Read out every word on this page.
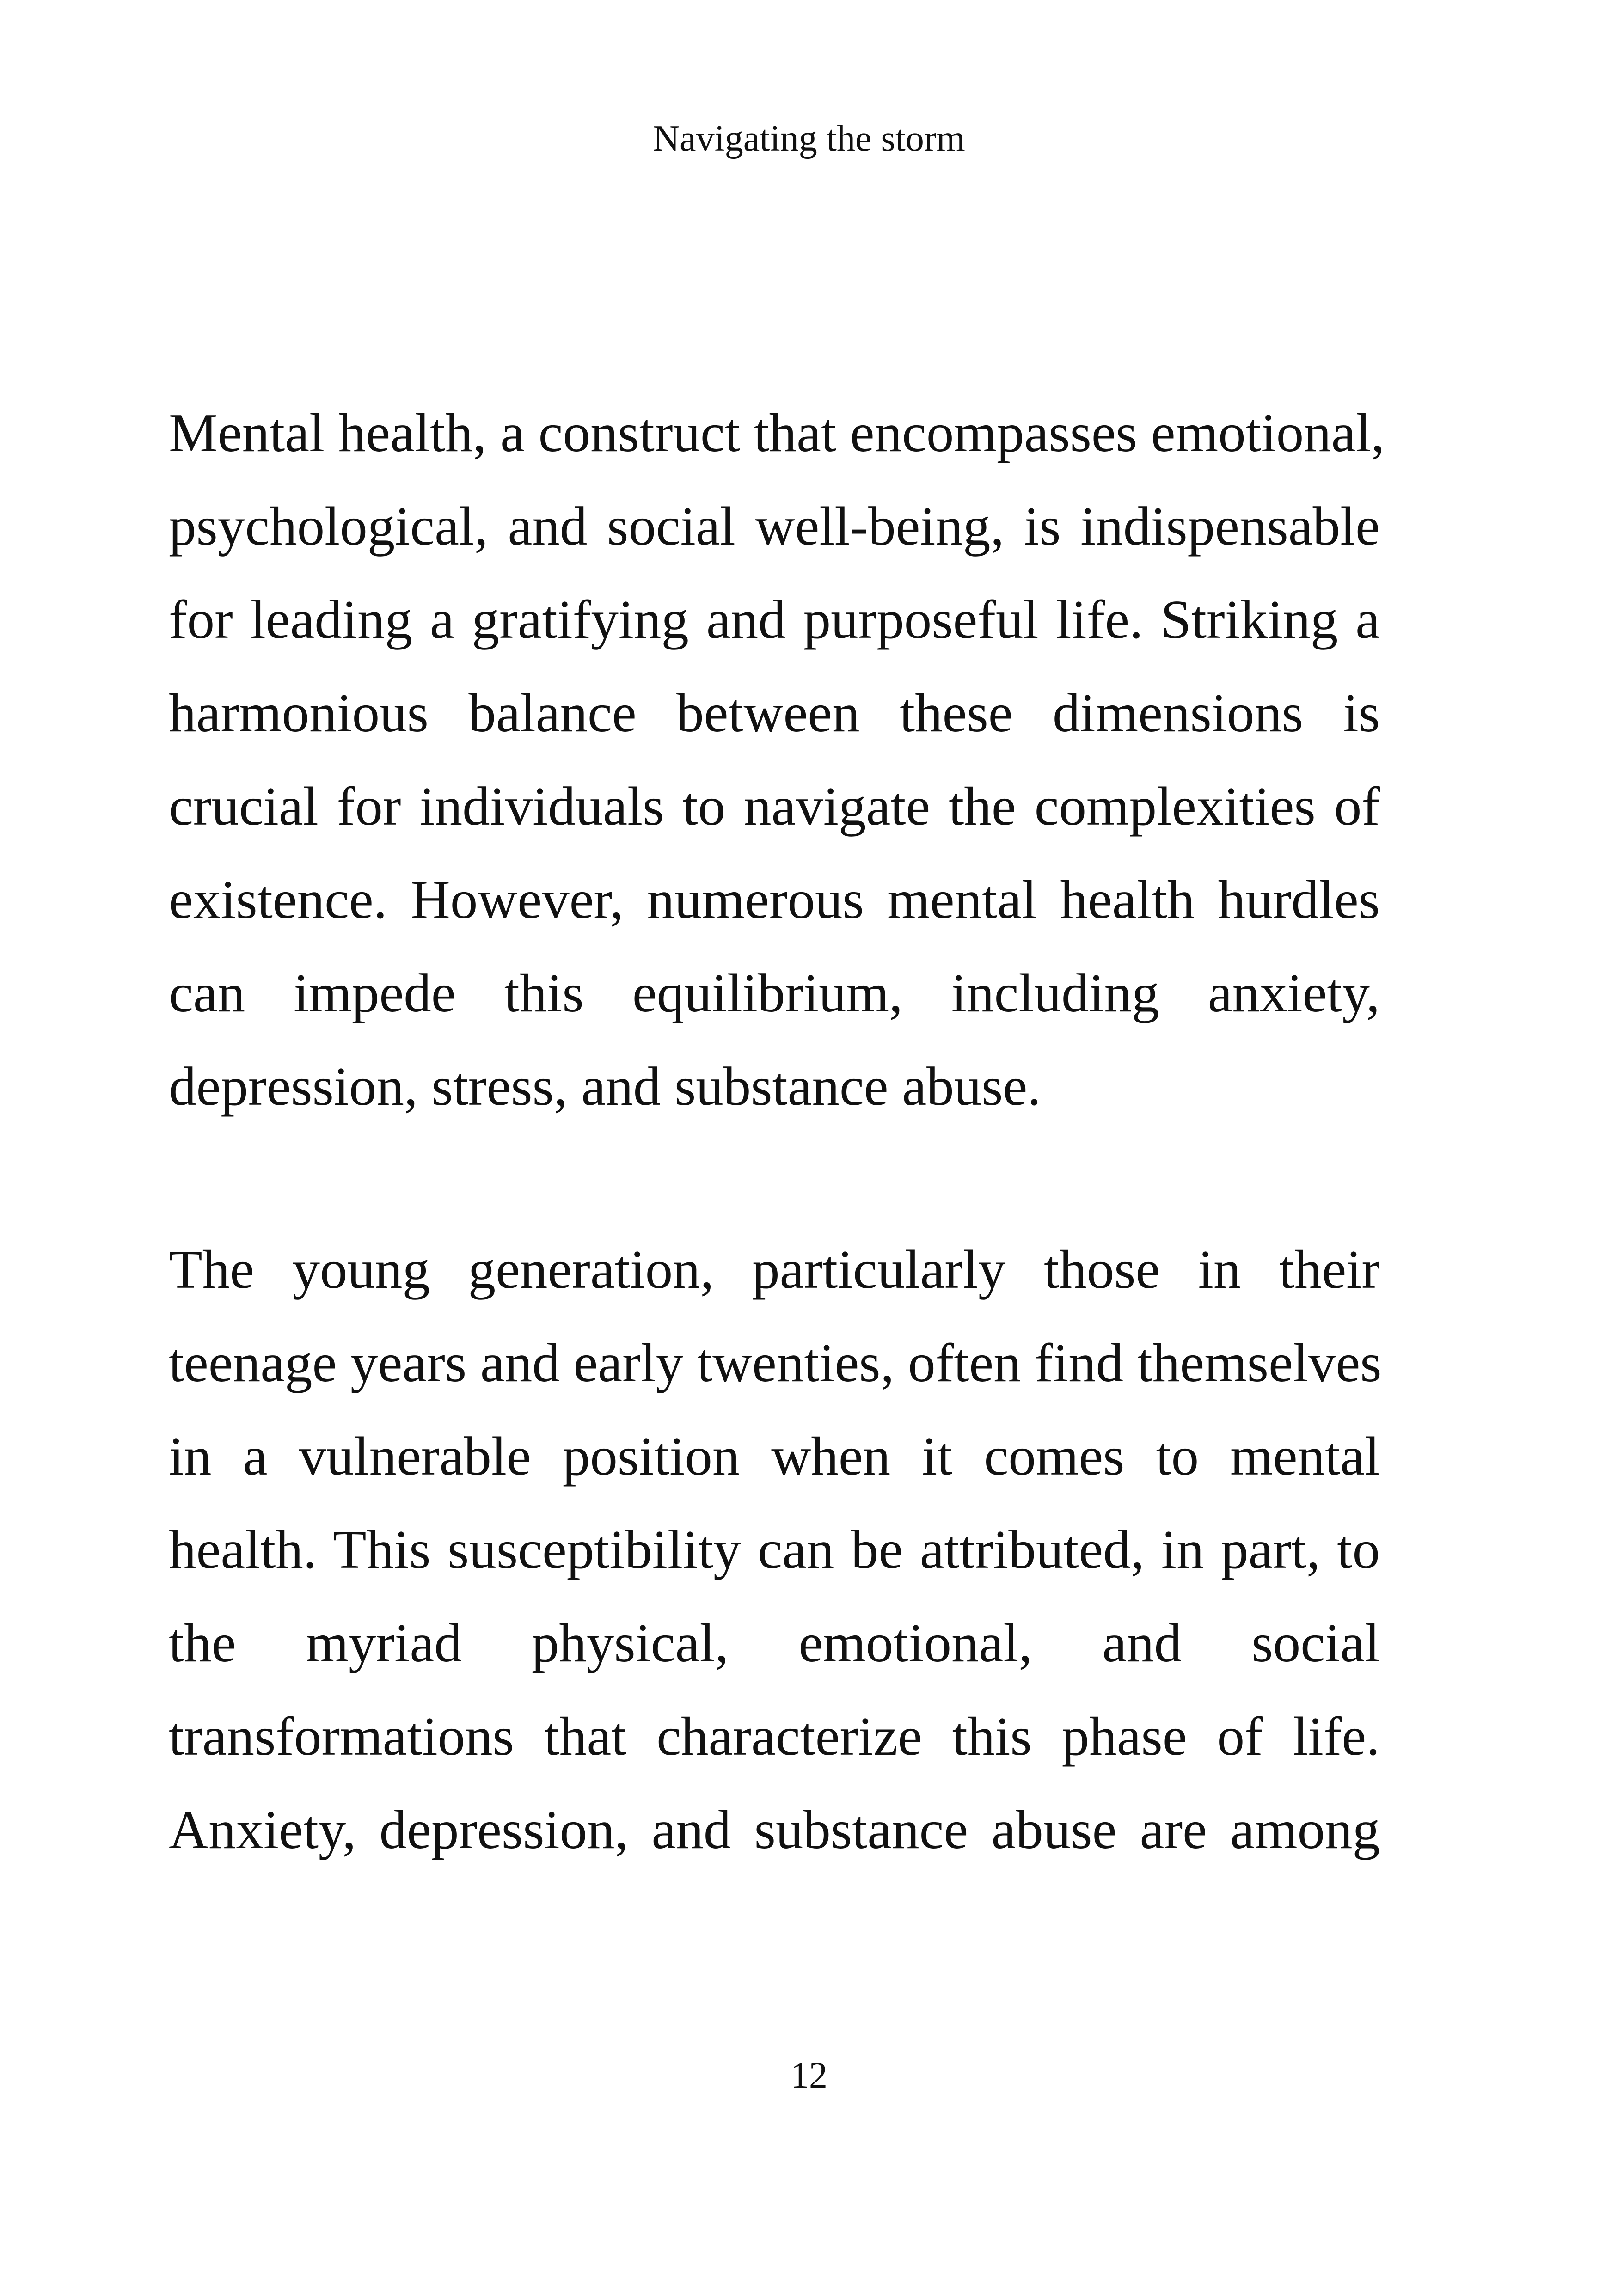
Navigating the storm
Mental health, a construct that encompasses emotional,
psychological, and social well-being, is indispensable
for leading a gratifying and purposeful life. Striking a
harmonious balance between these dimensions is
crucial for individuals to navigate the complexities of
existence. However, numerous mental health hurdles
can impede this equilibrium, including anxiety,
depression, stress, and substance abuse.
The young generation, particularly those in their
teenage years and early twenties, often find themselves
in a vulnerable position when it comes to mental
health. This susceptibility can be attributed, in part, to
the myriad physical, emotional, and social
transformations that characterize this phase of life.
Anxiety, depression, and substance abuse are among
12
